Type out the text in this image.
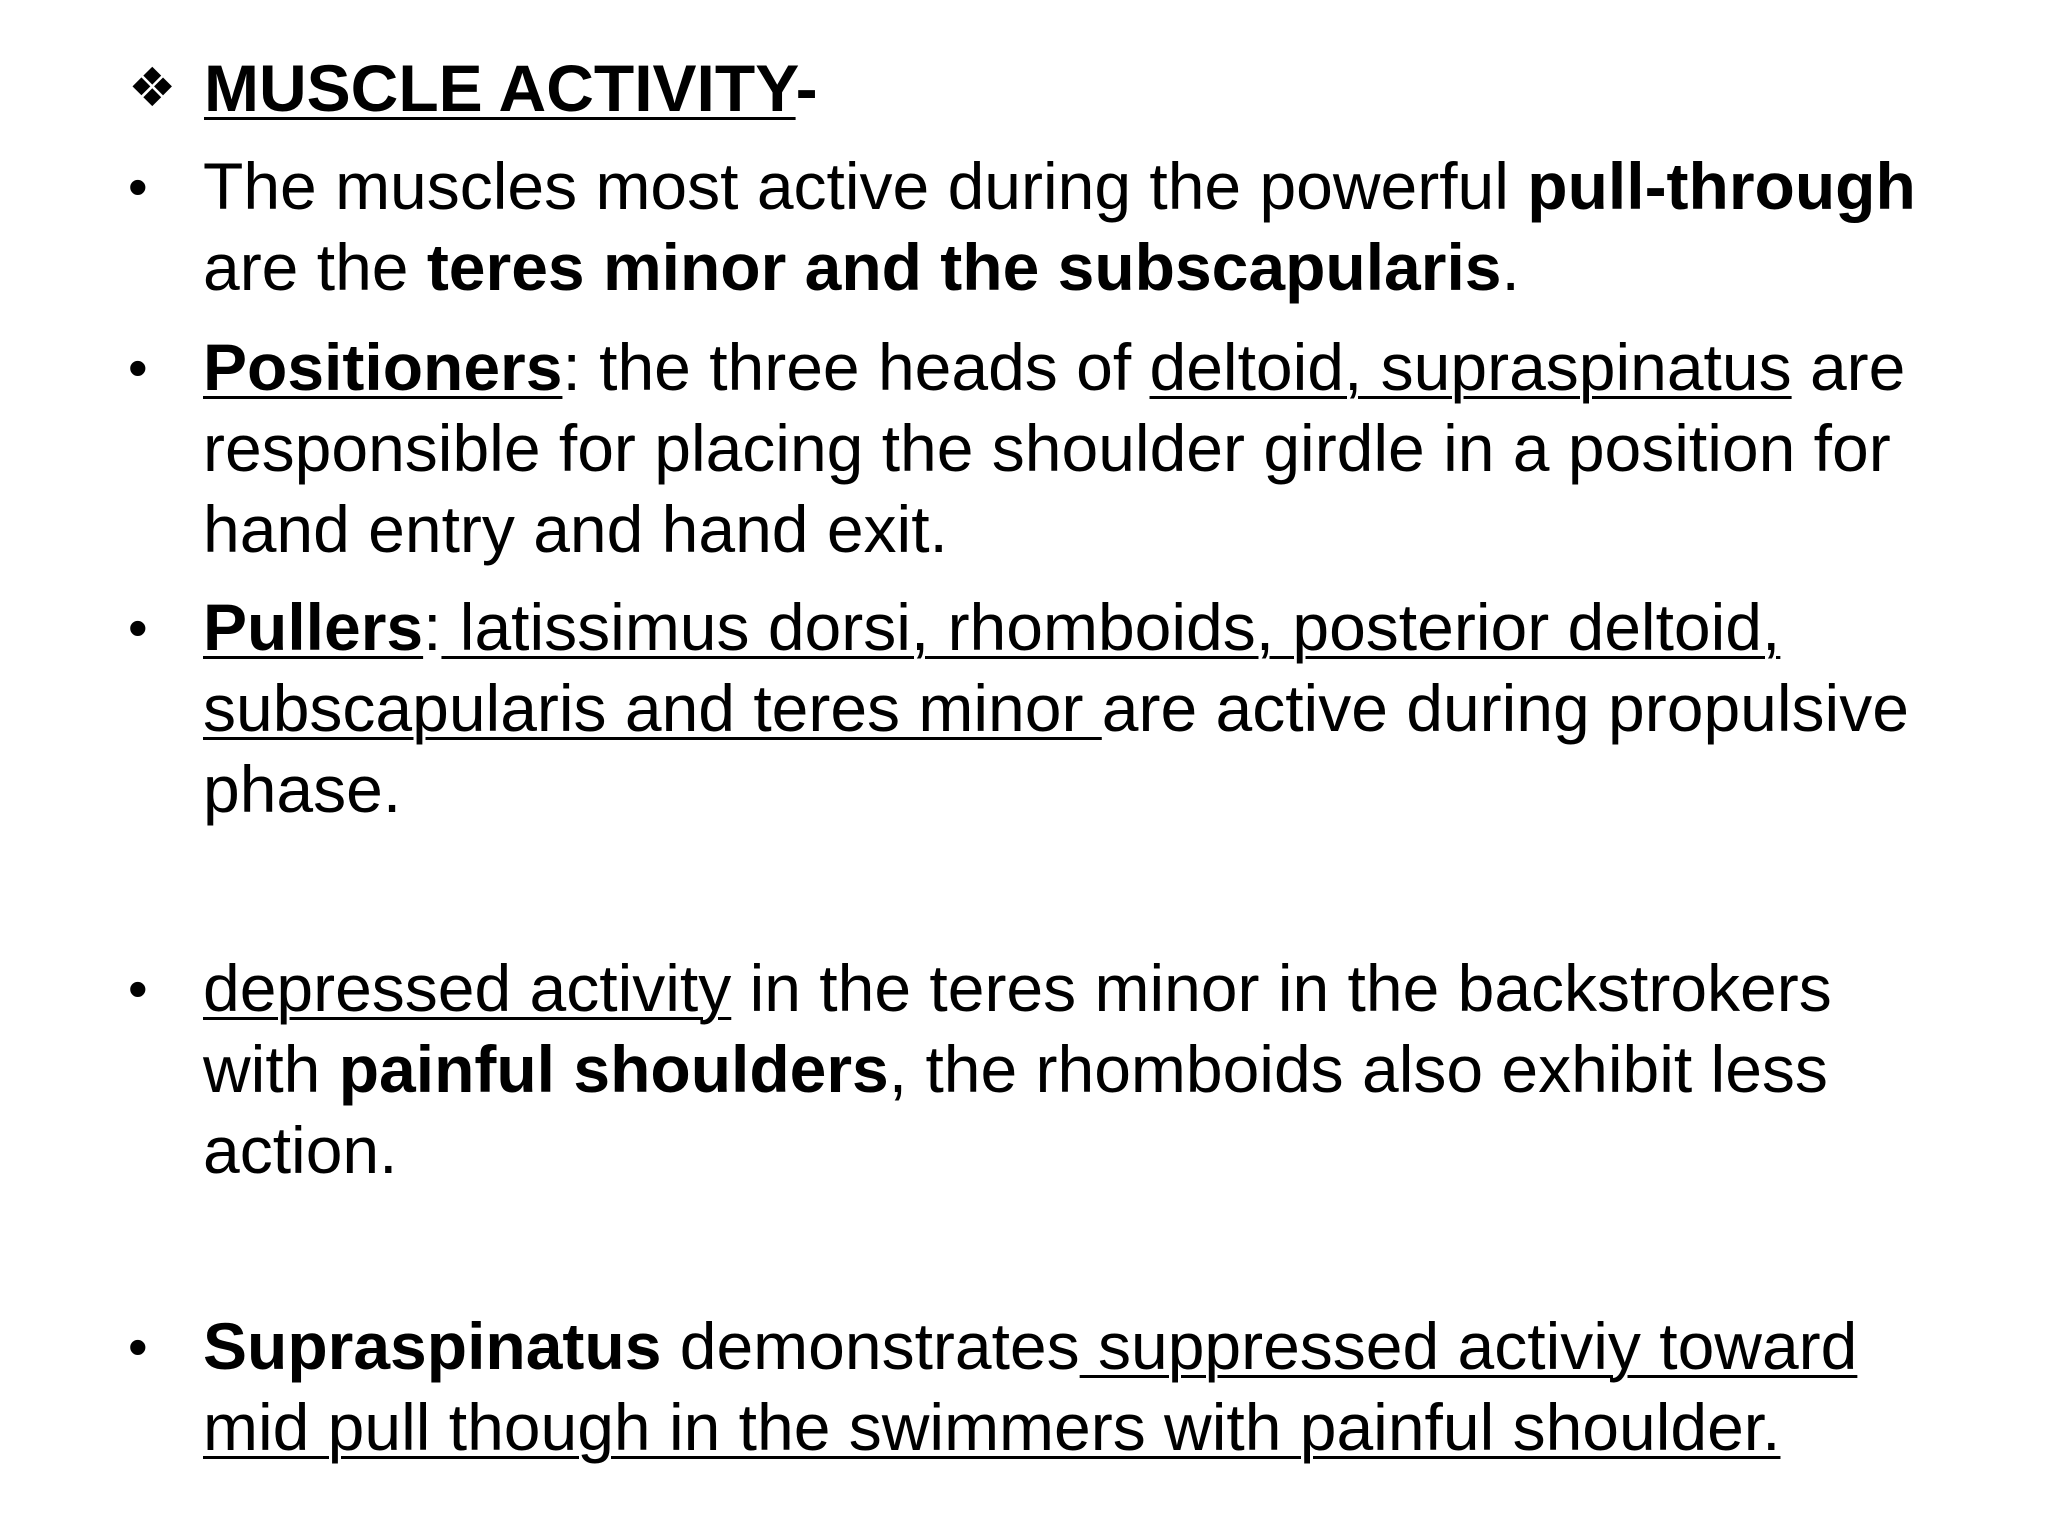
❖ MUSCLE ACTIVITY-
• The muscles most active during the powerful pull-through are the teres minor and the subscapularis.
• Positioners: the three heads of deltoid, supraspinatus are responsible for placing the shoulder girdle in a position for hand entry and hand exit.
• Pullers: latissimus dorsi, rhomboids, posterior deltoid, subscapularis and teres minor are active during propulsive phase.
• depressed activity in the teres minor in the backstrokers with painful shoulders, the rhomboids also exhibit less action.
• Supraspinatus demonstrates suppressed activiy toward mid pull though in the swimmers with painful shoulder.
